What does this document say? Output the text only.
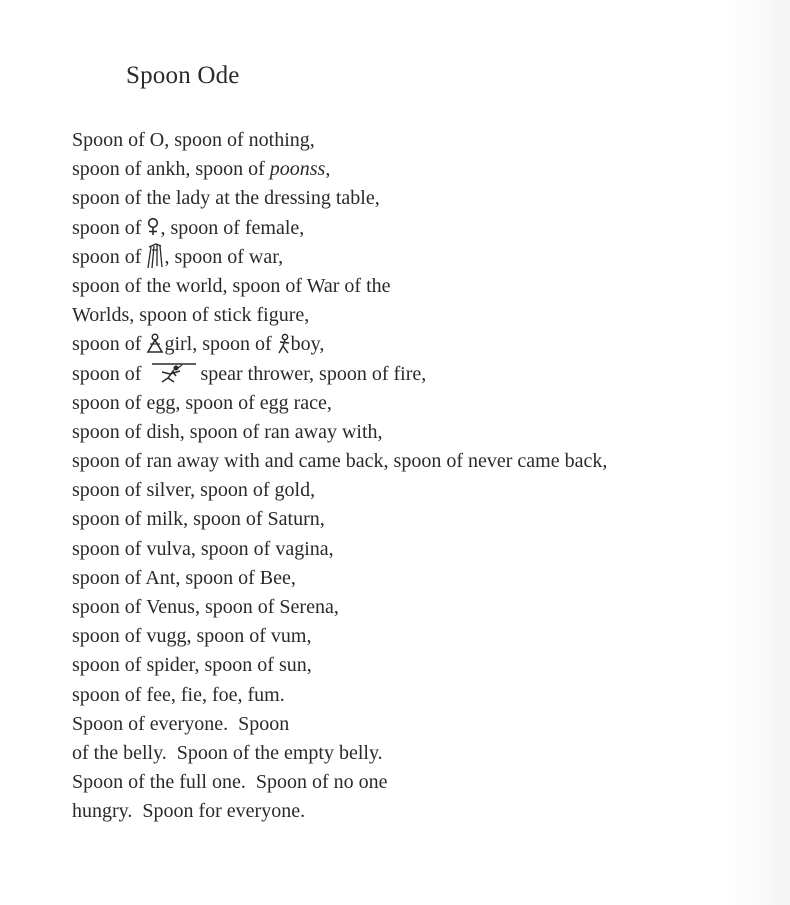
Spoon Ode
Spoon of O, spoon of nothing,
spoon of ankh, spoon of poonss,
spoon of the lady at the dressing table,
spoon of
, spoon of female,
spoon of
, spoon of war,
spoon of the world, spoon of War of the
Worlds, spoon of stick figure,
spoon of
girl, spoon of
boy,
spoon of	spear thrower, spoon of fire,
spoon of egg, spoon of egg race,
spoon of dish, spoon of ran away with,
spoon of ran away with and came back, spoon of never came back,
spoon of silver, spoon of gold,
spoon of milk, spoon of Saturn,
spoon of vulva, spoon of vagina,
spoon of Ant, spoon of Bee,
spoon of Venus, spoon of Serena,
spoon of vugg, spoon of vum,
spoon of spider, spoon of sun,
spoon of fee, fie, foe, fum.
Spoon of everyone.  Spoon
of the belly.  Spoon of the empty belly.
Spoon of the full one.  Spoon of no one
hungry.  Spoon for everyone.
